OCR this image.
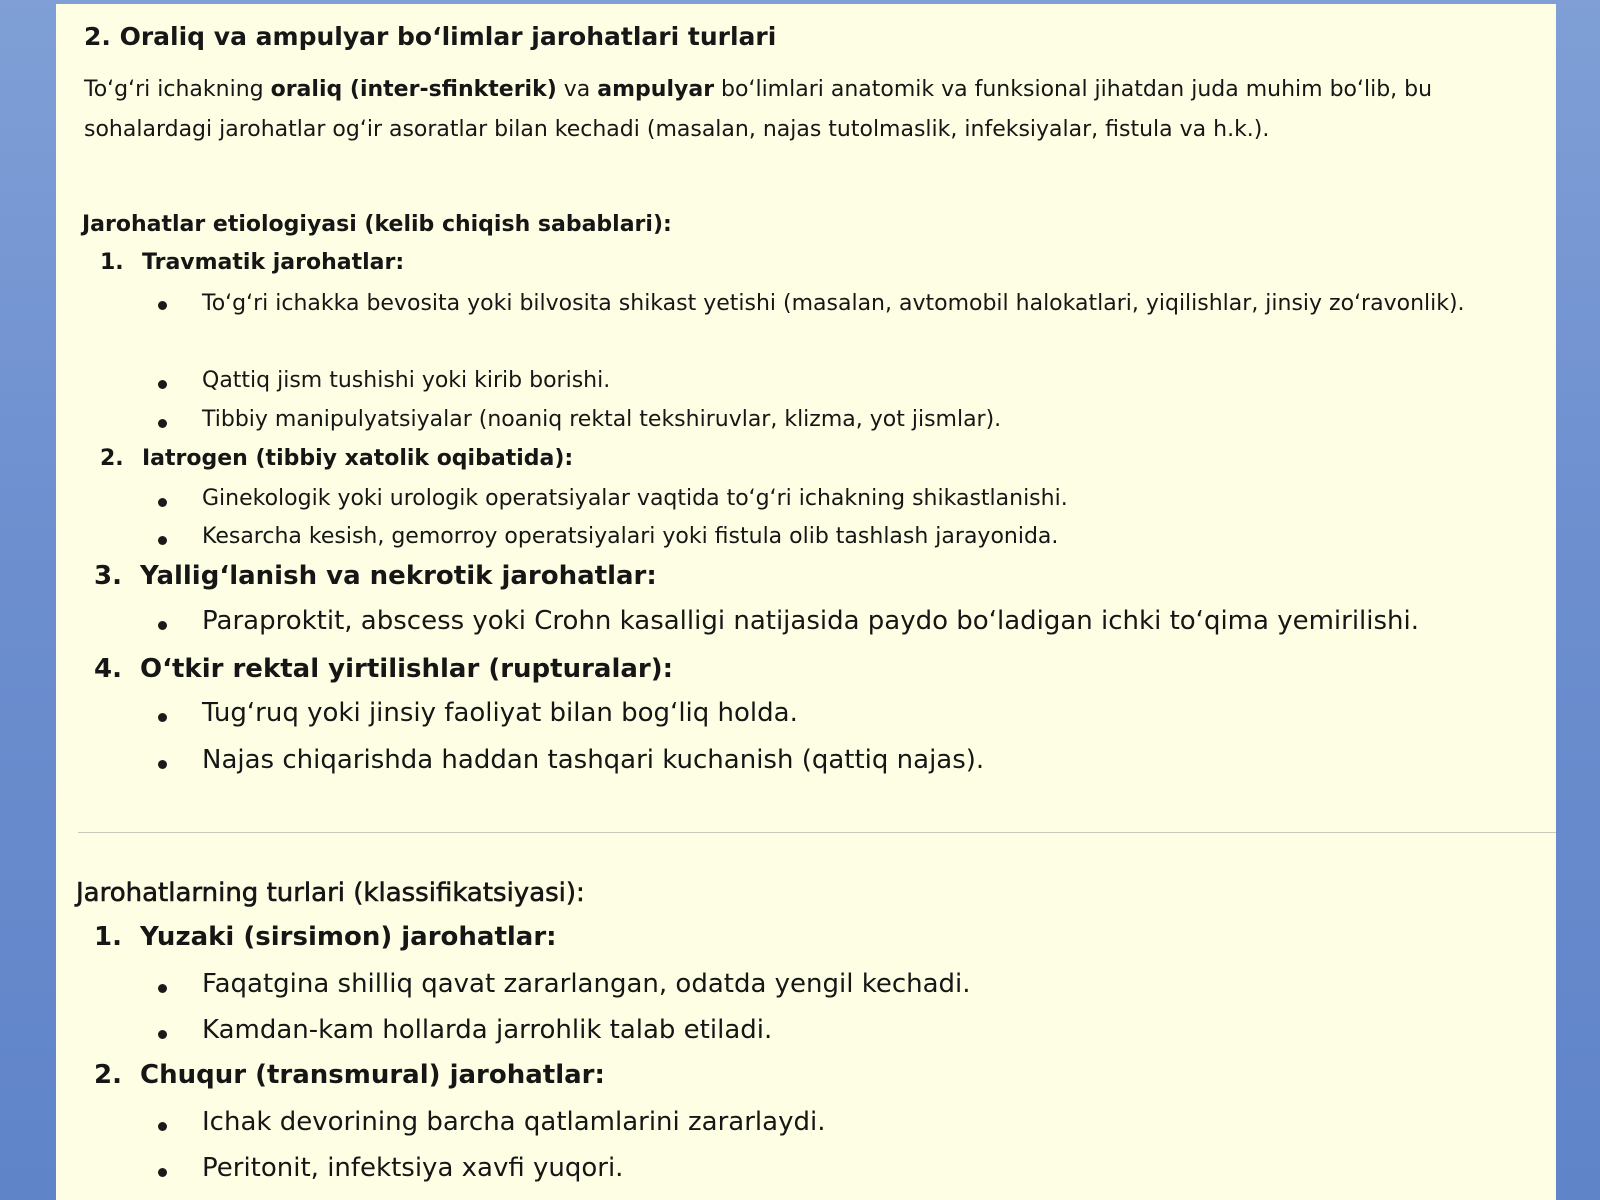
2. Oraliq va ampulyar bo‘limlar jarohatlari turlari

To‘g‘ri ichakning oraliq (inter-sfinkterik) va ampulyar bo‘limlari anatomik va funksional jihatdan juda muhim bo‘lib, bu sohalardagi jarohatlar og‘ir asoratlar bilan kechadi (masalan, najas tutolmaslik, infeksiyalar, fistula va h.k.).

Jarohatlar etiologiyasi (kelib chiqish sabablari):
1. Travmatik jarohatlar:
To‘g‘ri ichakka bevosita yoki bilvosita shikast yetishi (masalan, avtomobil halokatlari, yiqilishlar, jinsiy zo‘ravonlik).
Qattiq jism tushishi yoki kirib borishi.
Tibbiy manipulyatsiyalar (noaniq rektal tekshiruvlar, klizma, yot jismlar).
2. Iatrogen (tibbiy xatolik oqibatida):
Ginekologik yoki urologik operatsiyalar vaqtida to‘g‘ri ichakning shikastlanishi.
Kesarcha kesish, gemorroy operatsiyalari yoki fistula olib tashlash jarayonida.
3. Yallig‘lanish va nekrotik jarohatlar:
Paraproktit, abscess yoki Crohn kasalligi natijasida paydo bo‘ladigan ichki to‘qima yemirilishi.
4. O‘tkir rektal yirtilishlar (rupturalar):
Tug‘ruq yoki jinsiy faoliyat bilan bog‘liq holda.
Najas chiqarishda haddan tashqari kuchanish (qattiq najas).
Jarohatlarning turlari (klassifikatsiyasi):
1. Yuzaki (sirsimon) jarohatlar:
Faqatgina shilliq qavat zararlangan, odatda yengil kechadi.
Kamdan-kam hollarda jarrohlik talab etiladi.
2. Chuqur (transmural) jarohatlar:
Ichak devorining barcha qatlamlarini zararlaydi.
Peritonit, infektsiya xavfi yuqori.
